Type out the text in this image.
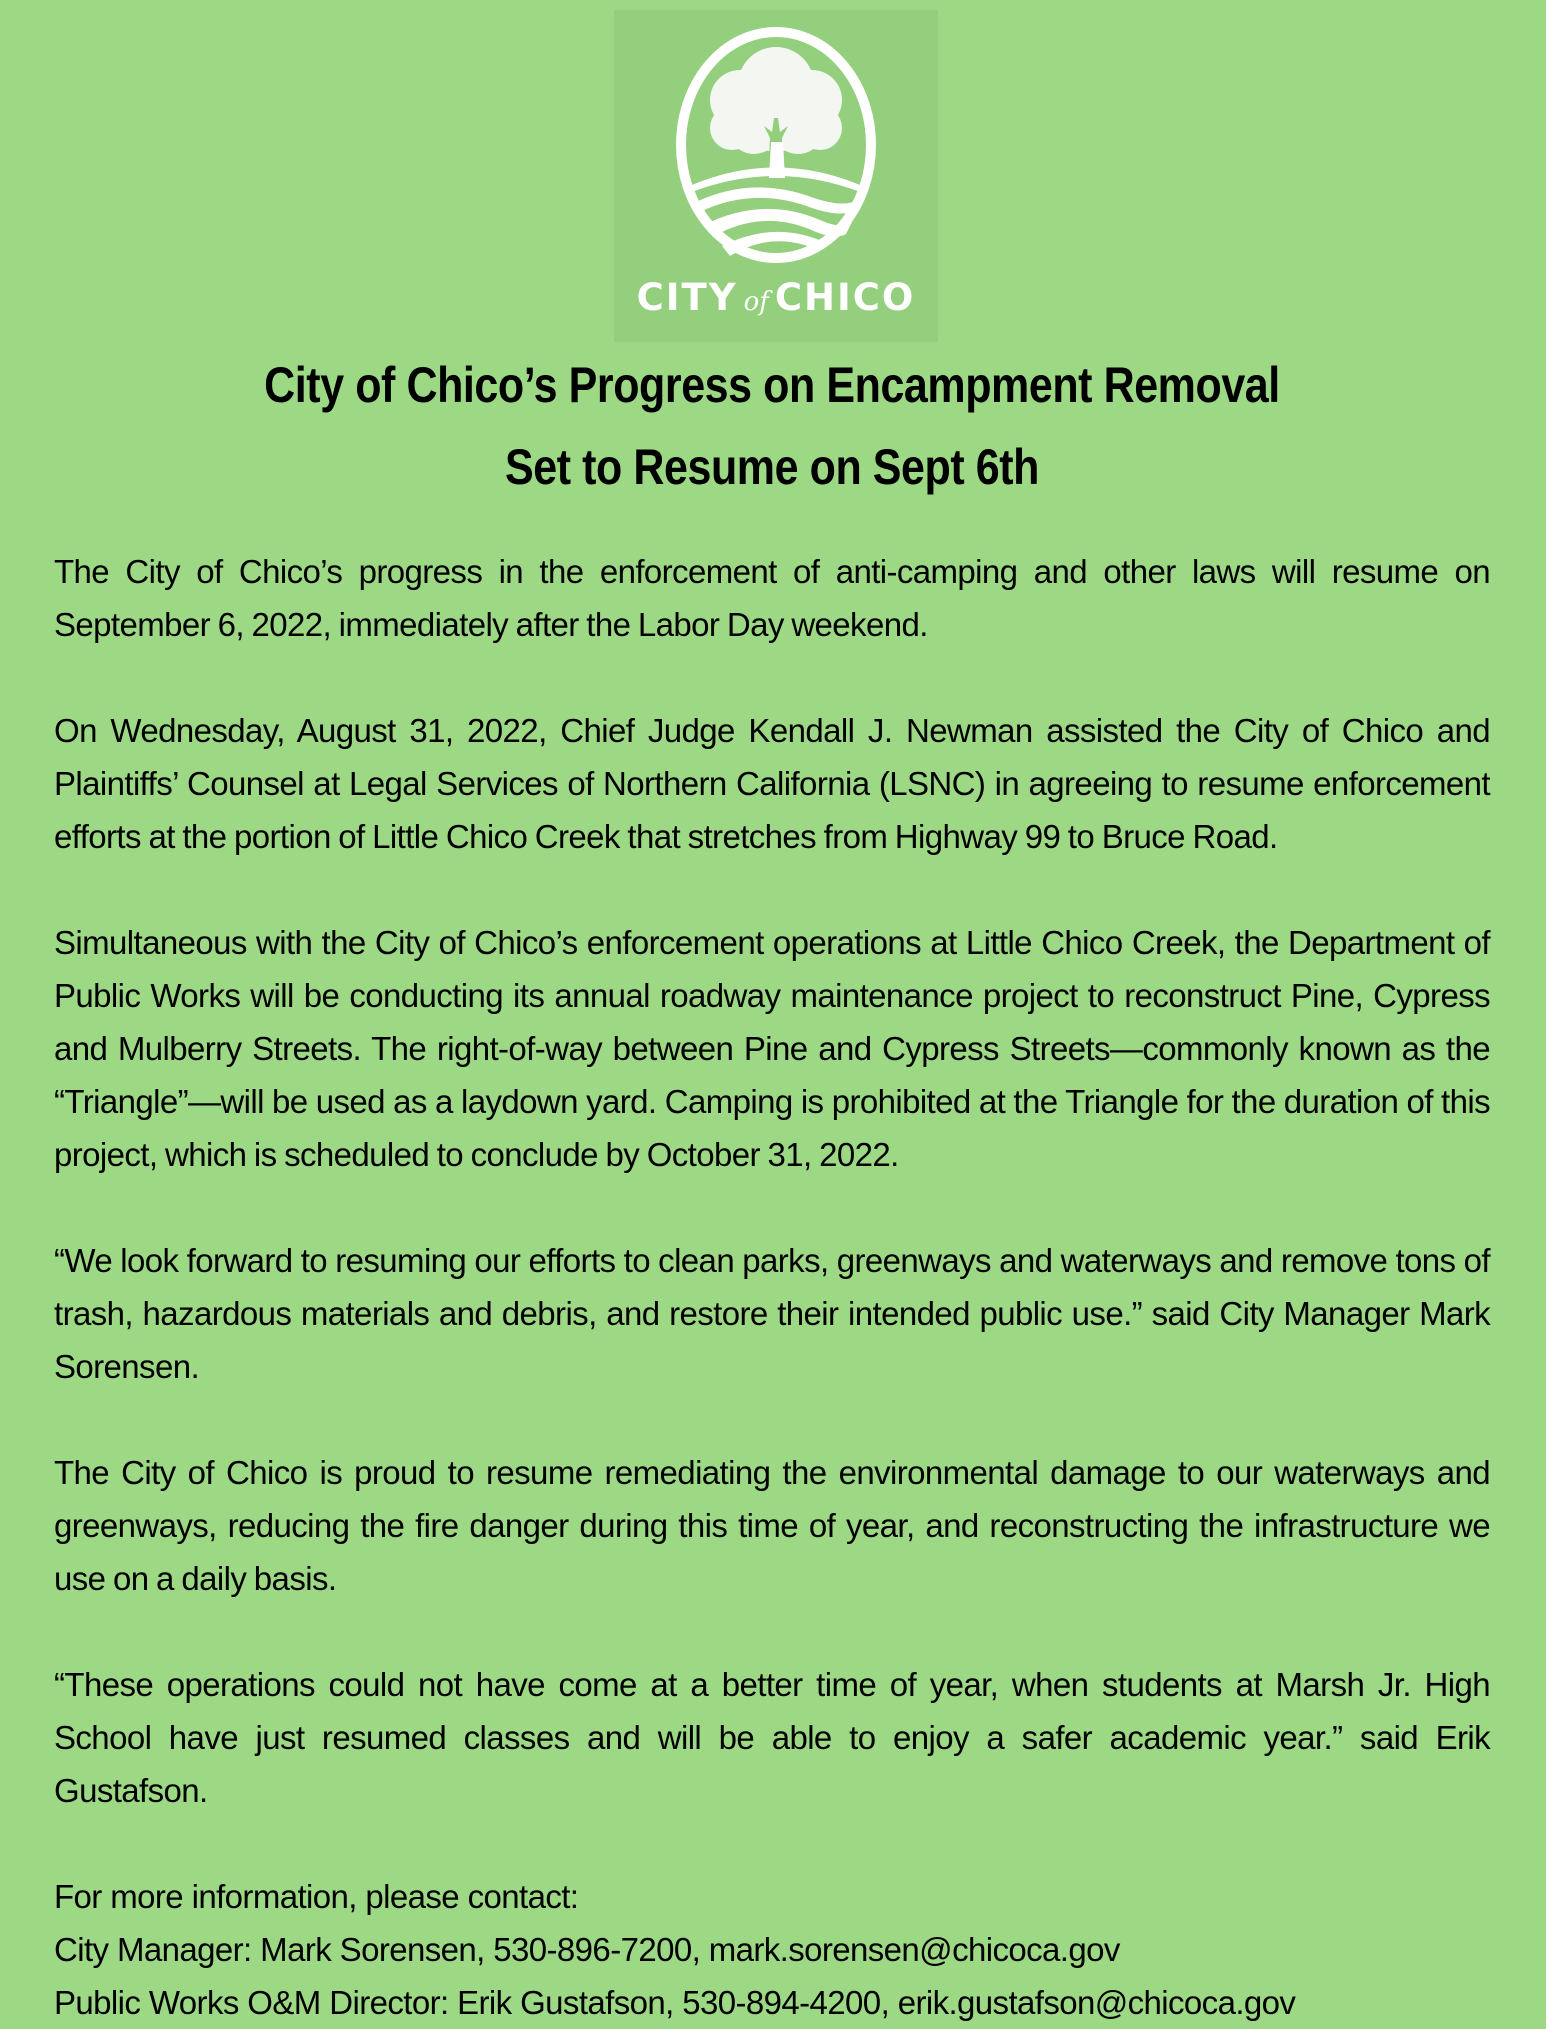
CITY of CHICO
City of Chico’s Progress on Encampment Removal
Set to Resume on Sept 6th

The City of Chico’s progress in the enforcement of anti-camping and other laws will resume on September 6, 2022, immediately after the Labor Day weekend.

On Wednesday, August 31, 2022, Chief Judge Kendall J. Newman assisted the City of Chico and Plaintiffs’ Counsel at Legal Services of Northern California (LSNC) in agreeing to resume enforcement efforts at the portion of Little Chico Creek that stretches from Highway 99 to Bruce Road.

Simultaneous with the City of Chico’s enforcement operations at Little Chico Creek, the Department of Public Works will be conducting its annual roadway maintenance project to reconstruct Pine, Cypress and Mulberry Streets. The right-of-way between Pine and Cypress Streets—commonly known as the “Triangle”—will be used as a laydown yard. Camping is prohibited at the Triangle for the duration of this project, which is scheduled to conclude by October 31, 2022.

“We look forward to resuming our efforts to clean parks, greenways and waterways and remove tons of trash, hazardous materials and debris, and restore their intended public use.” said City Manager Mark Sorensen.

The City of Chico is proud to resume remediating the environmental damage to our waterways and greenways, reducing the fire danger during this time of year, and reconstructing the infrastructure we use on a daily basis.

“These operations could not have come at a better time of year, when students at Marsh Jr. High School have just resumed classes and will be able to enjoy a safer academic year.” said Erik Gustafson.

For more information, please contact:
City Manager: Mark Sorensen, 530-896-7200, mark.sorensen@chicoca.gov
Public Works O&M Director: Erik Gustafson, 530-894-4200, erik.gustafson@chicoca.gov
